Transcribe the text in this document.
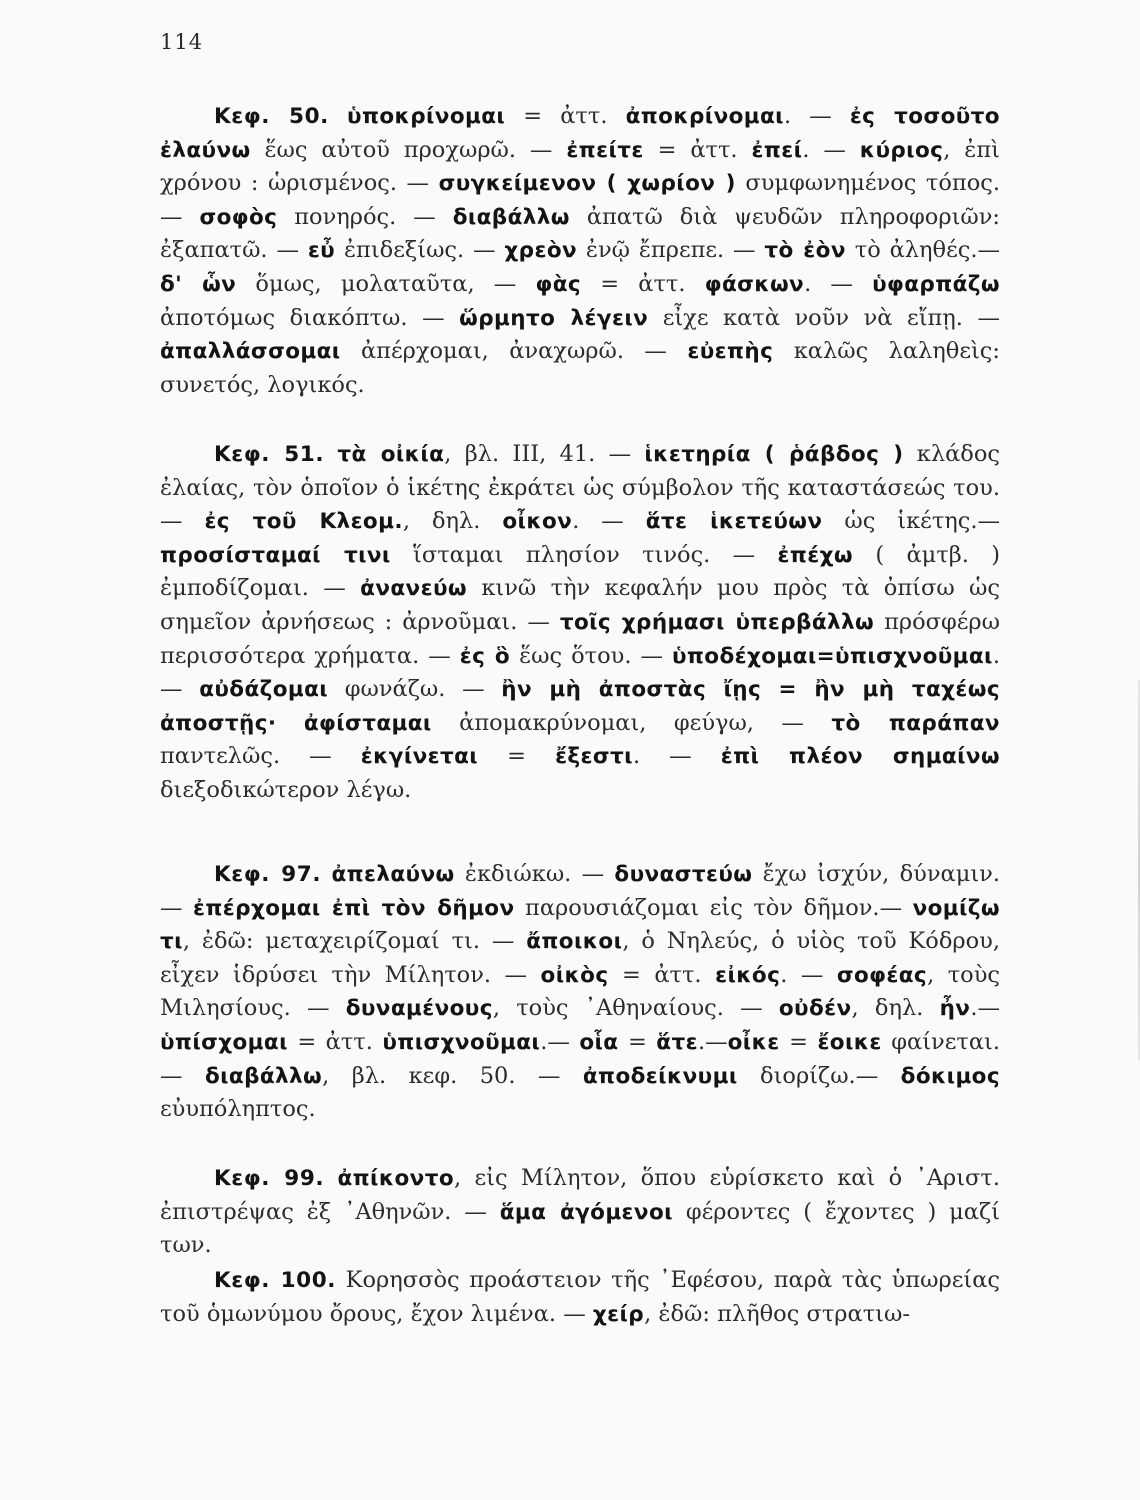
114
Κεφ. 50. ὑποκρίνομαι = ἀττ. ἀποκρίνομαι. — ἐς τοσοῦτο ἐλαύνω ἕως αὐτοῦ προχωρῶ. — ἐπείτε = ἀττ. ἐπεί. — κύριος, ἐπὶ χρόνου : ὡρισμένος. — συγκείμενον ( χωρίον ) συμφωνημένος τόπος. — σοφὸς πονηρός. — διαβάλλω ἀπατῶ διὰ ψευδῶν πληροφοριῶν: ἐξαπατῶ. — εὖ ἐπιδεξίως. — χρεὸν ἐνῷ ἔπρεπε. — τὸ ἐὸν τὸ ἀληθές.— δ' ὧν ὅμως, μολαταῦτα, — φὰς = ἀττ. φάσκων. — ὑφαρπάζω ἀποτόμως διακόπτω. — ὥρμητο λέγειν εἶχε κατὰ νοῦν νὰ εἴπῃ. — ἀπαλλάσσομαι ἀπέρχομαι, ἀναχωρῶ. — εὐεπὴς καλῶς λαληθεὶς: συνετός, λογικός.
Κεφ. 51. τὰ οἰκία, βλ. ΙΙΙ, 41. — ἱκετηρία ( ῥάβδος ) κλάδος ἐλαίας, τὸν ὁποῖον ὁ ἱκέτης ἐκράτει ὡς σύμβολον τῆς καταστάσεώς του. — ἐς τοῦ Κλεομ., δηλ. οἶκον. — ἅτε ἱκετεύων ὡς ἱκέτης.— προσίσταμαί τινι ἵσταμαι πλησίον τινός. — ἐπέχω ( ἀμτβ. ) ἐμποδίζομαι. — ἀνανεύω κινῶ τὴν κεφαλήν μου πρὸς τὰ ὀπίσω ὡς σημεῖον ἀρνήσεως : ἀρνοῦμαι. — τοῖς χρήμασι ὑπερβάλλω πρόσφέρω περισσότερα χρήματα. — ἐς ὃ ἕως ὅτου. — ὑποδέχομαι=ὑπισχνοῦμαι. — αὐδάζομαι φωνάζω. — ἢν μὴ ἀποστὰς ἴῃς = ἢν μὴ ταχέως ἀποστῇς· ἀφίσταμαι ἀπομακρύνομαι, φεύγω, — τὸ παράπαν παντελῶς. — ἐκγίνεται = ἔξεστι. — ἐπὶ πλέον σημαίνω διεξοδικώτερον λέγω.
Κεφ. 97. ἀπελαύνω ἐκδιώκω. — δυναστεύω ἔχω ἰσχύν, δύναμιν. — ἐπέρχομαι ἐπὶ τὸν δῆμον παρουσιάζομαι εἰς τὸν δῆμον.— νομίζω τι, ἐδῶ: μεταχειρίζομαί τι. — ἄποικοι, ὁ Νηλεύς, ὁ υἱὸς τοῦ Κόδρου, εἶχεν ἱδρύσει τὴν Μίλητον. — οἰκὸς = ἀττ. εἰκός. — σοφέας, τοὺς Μιλησίους. — δυναμένους, τοὺς ᾿Αθηναίους. — οὐδέν, δηλ. ἦν.— ὑπίσχομαι = ἀττ. ὑπισχνοῦμαι.— οἷα = ἅτε.—οἶκε = ἔοικε φαίνεται. — διαβάλλω, βλ. κεφ. 50. — ἀποδείκνυμι διορίζω.— δόκιμος εὐυπόληπτος.
Κεφ. 99. ἀπίκοντο, εἰς Μίλητον, ὅπου εὑρίσκετο καὶ ὁ ᾿Αριστ. ἐπιστρέψας ἐξ ᾿Αθηνῶν. — ἅμα ἀγόμενοι φέροντες ( ἔχοντες ) μαζί των.
Κεφ. 100. Κορησσὸς προάστειον τῆς ᾿Εφέσου, παρὰ τὰς ὑπωρείας τοῦ ὁμωνύμου ὄρους, ἔχον λιμένα. — χείρ, ἐδῶ: πλῆθος στρατιω-
